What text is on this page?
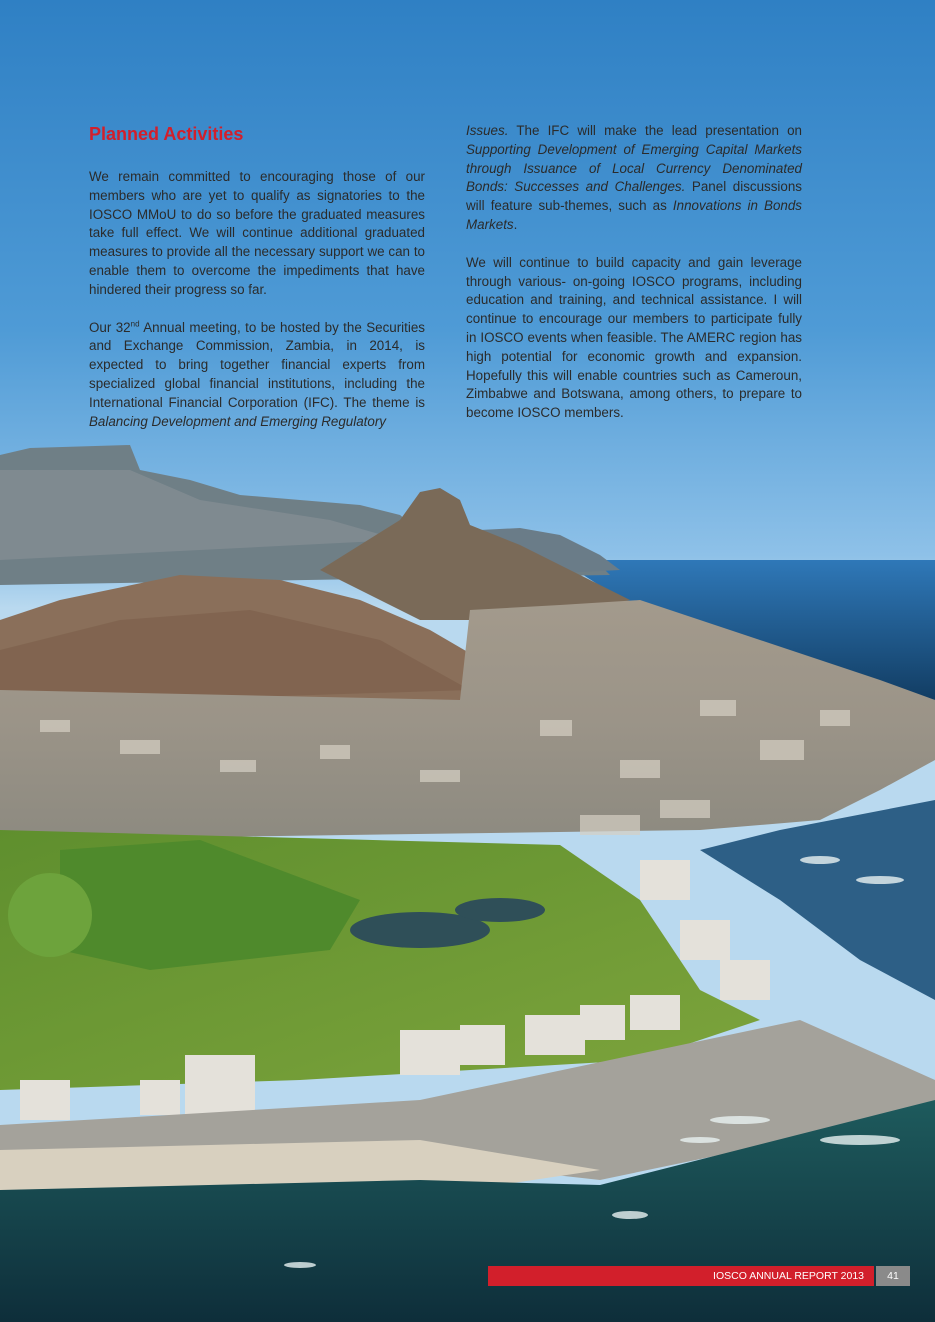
Planned Activities

We remain committed to encouraging those of our members who are yet to qualify as signatories to the IOSCO MMoU to do so before the graduated measures take full effect. We will continue additional graduated measures to provide all the necessary support we can to enable them to overcome the impediments that have hindered their progress so far.

Our 32nd Annual meeting, to be hosted by the Securities and Exchange Commission, Zambia, in 2014, is expected to bring together financial experts from specialized global financial institutions, including the International Financial Corporation (IFC). The theme is Balancing Development and Emerging Regulatory

Issues. The IFC will make the lead presentation on Supporting Development of Emerging Capital Markets through Issuance of Local Currency Denominated Bonds: Successes and Challenges. Panel discussions will feature sub-themes, such as Innovations in Bonds Markets.

We will continue to build capacity and gain leverage through various- on-going IOSCO programs, including education and training, and technical assistance. I will continue to encourage our members to participate fully in IOSCO events when feasible. The AMERC region has high potential for economic growth and expansion. Hopefully this will enable countries such as Cameroun, Zimbabwe and Botswana, among others, to prepare to become IOSCO members.

IOSCO ANNUAL REPORT 2013	41
